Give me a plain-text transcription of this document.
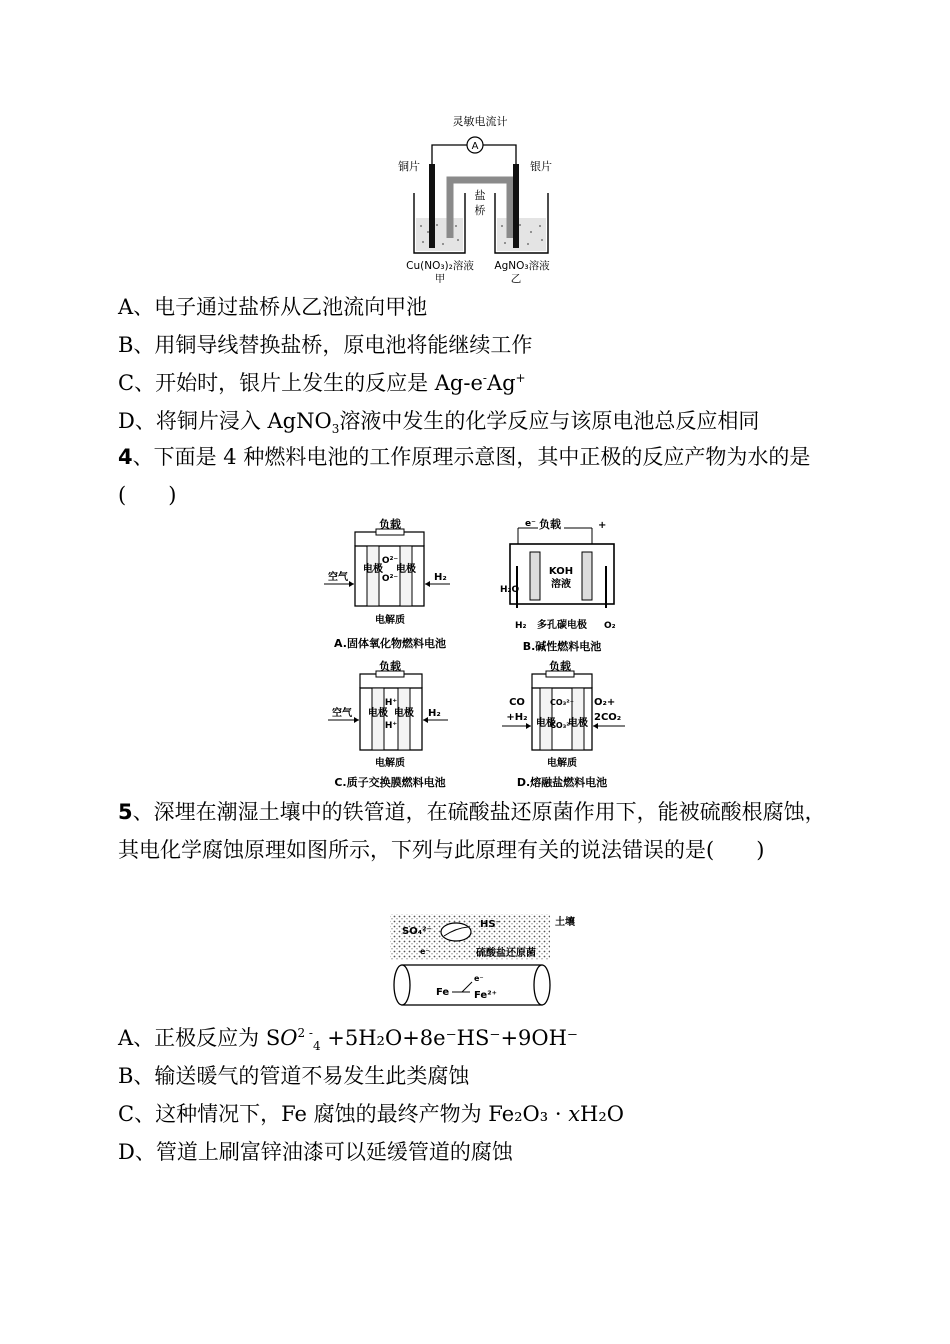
灵敏电流计
A
铜片	银片
盐
桥
Cu(NO₃)₂溶液 AgNO₃溶液
甲	乙
A、电子通过盐桥从乙池流向甲池
B、用铜导线替换盐桥，原电池将能继续工作
C、开始时，银片上发生的反应是 Ag-e-Ag+
D、将铜片浸入 AgNO$_3$溶液中发生的化学反应与该原电池总反应相同
4、下面是 4 种燃料电池的工作原理示意图，其中正极的反应产物为水的是(　　)
负载
电极 电极
O²⁻
O²⁻
空气	H₂
电解质
A.固体氧化物燃料电池
负载
e⁻	+
KOH
溶液
H₂O
H₂ 多孔碳电极 O₂
B.碱性燃料电池
负载
电极 电极
H⁺
H⁺
空气	H₂
电解质
C.质子交换膜燃料电池
负载
电极 电极
CO₃²⁻
CO₃²⁻
CO
+H₂
O₂+
2CO₂
电解质
D.熔融盐燃料电池
5、深埋在潮湿土壤中的铁管道，在硫酸盐还原菌作用下，能被硫酸根腐蚀，其电化学腐蚀原理如图所示，下列与此原理有关的说法错误的是(　　)
SO₄²⁻
HS⁻	土壤
硫酸盐还原菌
e⁻
Fe
e⁻
Fe²⁺
A、正极反应为 $SO^{2 -}_4 +5H_2O+8e^-HS^-+9OH^-$
B、输送暖气的管道不易发生此类腐蚀
C、这种情况下，Fe 腐蚀的最终产物为 Fe₂O₃ · xH₂O
D、管道上刷富锌油漆可以延缓管道的腐蚀
